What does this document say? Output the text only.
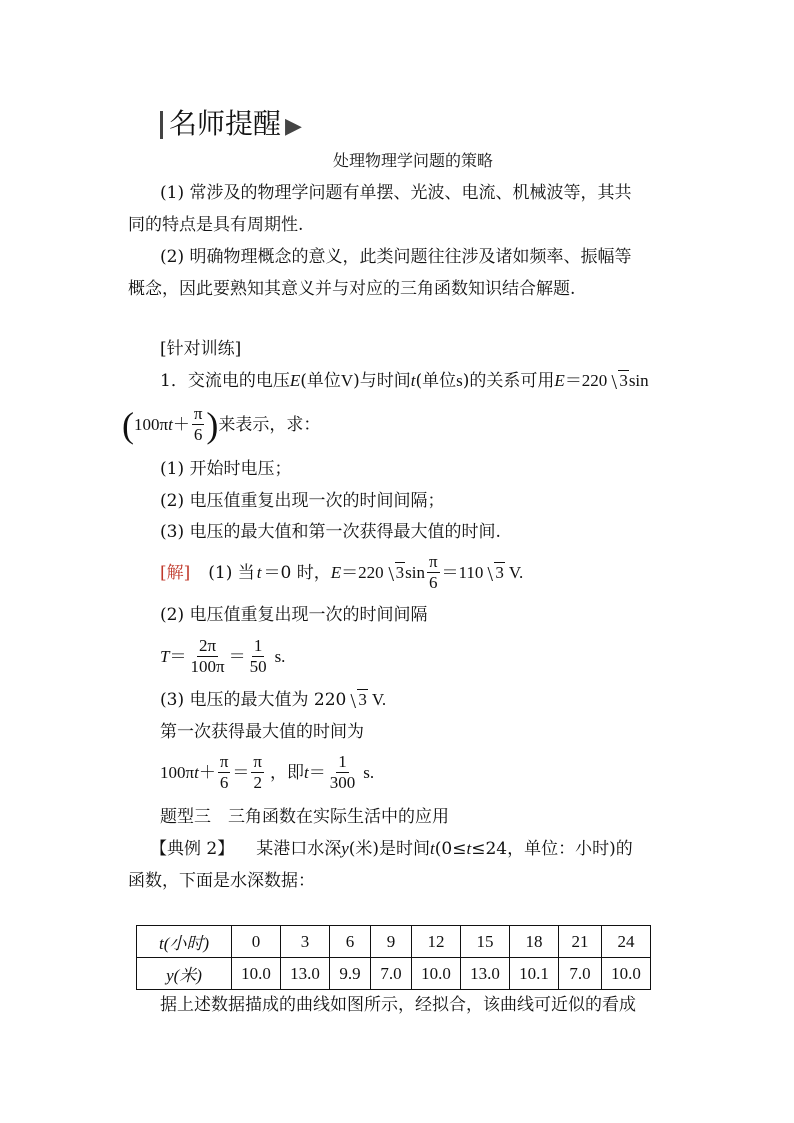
名师提醒 ▶
处理物理学问题的策略
(1) 常涉及的物理学问题有单摆、光波、电流、机械波等，其共
同的特点是具有周期性.
(2) 明确物理概念的意义，此类问题往往涉及诸如频率、振幅等
概念，因此要熟知其意义并与对应的三角函数知识结合解题.
[针对训练]
1．交流电的电压E(单位V)与时间t(单位s)的关系可用E＝220 3sin
( 100π $t + \frac{\pi}{6}$ ) 来表示，求：
(1) 开始时电压；
(2) 电压值重复出现一次的时间间隔；
(3) 电压的最大值和第一次获得最大值的时间.
[解] (1) 当 t ＝0 时， E ＝220 3 $\sin \frac{\pi}{6} =110$ 3 V.
(2) 电压值重复出现一次的时间间隔
$T = \frac{2\pi}{100\pi} = \frac{1}{50} s$.
(3) 电压的最大值为 220 3 V.
第一次获得最大值的时间为
100π $t + \frac{\pi}{6} = \frac{\pi}{2}$ ，即 $t = \frac{1}{300} s$.
题型三　三角函数在实际生活中的应用
【典例 2】 某港口水深y(米)是时间t(0≤t≤24，单位：小时)的
函数，下面是水深数据：
t(小时)	0	3	6	9	12	15	18	21	24
y(米)	10.0	13.0	9.9	7.0	10.0	13.0	10.1	7.0	10.0
据上述数据描成的曲线如图所示，经拟合，该曲线可近似的看成
